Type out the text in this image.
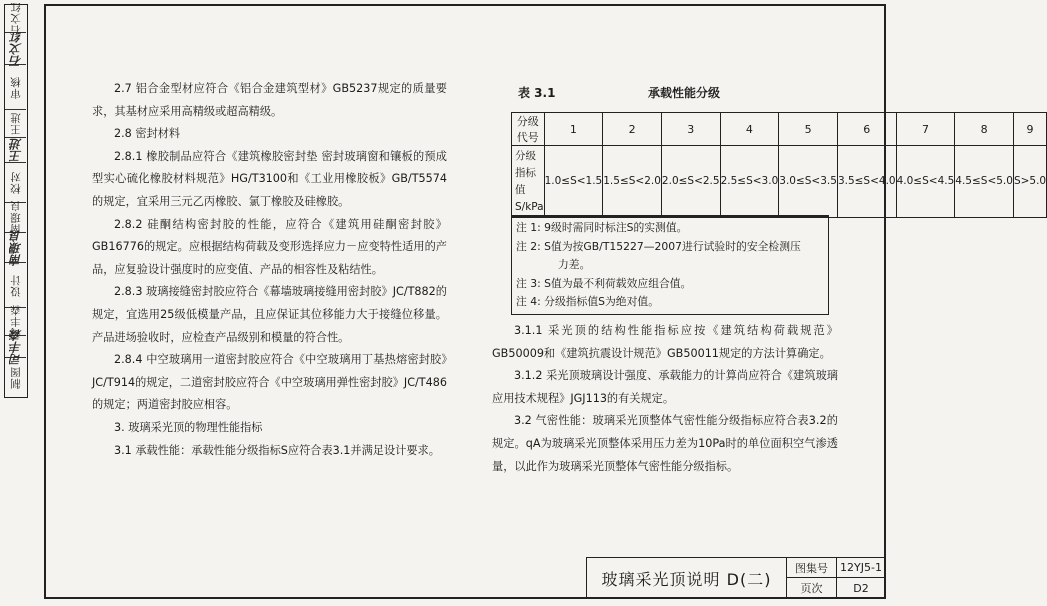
石文红
石文红
审核
王进
王进
校对
南璟良
南璟良
设计
司丰森
司丰森
制图

2.7 铝合金型材应符合《铝合金建筑型材》GB5237规定的质量要求，其基材应采用高精级或超高精级。

2.8 密封材料

2.8.1 橡胶制品应符合《建筑橡胶密封垫 密封玻璃窗和镶板的预成型实心硫化橡胶材料规范》HG/T3100和《工业用橡胶板》GB/T5574的规定，宜采用三元乙丙橡胶、氯丁橡胶及硅橡胶。

2.8.2 硅酮结构密封胶的性能，应符合《建筑用硅酮密封胶》GB16776的规定。应根据结构荷载及变形选择应力－应变特性适用的产品，应复验设计强度时的应变值、产品的相容性及粘结性。

2.8.3 玻璃接缝密封胶应符合《幕墙玻璃接缝用密封胶》JC/T882的规定，宜选用25级低模量产品，且应保证其位移能力大于接缝位移量。产品进场验收时，应检查产品级别和模量的符合性。

2.8.4 中空玻璃用一道密封胶应符合《中空玻璃用丁基热熔密封胶》JC/T914的规定，二道密封胶应符合《中空玻璃用弹性密封胶》JC/T486的规定；两道密封胶应相容。

3. 玻璃采光顶的物理性能指标

3.1 承载性能：承载性能分级指标S应符合表3.1并满足设计要求。

表 3.1	承载性能分级
分级代号	1	2	3	4	5	6	7	8	9
分级指标值S/kPa	1.0≤S<1.5	1.5≤S<2.0	2.0≤S<2.5	2.5≤S<3.0	3.0≤S<3.5	3.5≤S<4.0	4.0≤S<4.5	4.5≤S<5.0	S>5.0

注 1: 9级时需同时标注S的实测值。

注 2: S值为按GB/T15227—2007进行试验时的安全检测压

力差。

注 3: S值为最不利荷载效应组合值。

注 4: 分级指标值S为绝对值。

3.1.1 采光顶的结构性能指标应按《建筑结构荷载规范》GB50009和《建筑抗震设计规范》GB50011规定的方法计算确定。

3.1.2 采光顶玻璃设计强度、承载能力的计算尚应符合《建筑玻璃应用技术规程》JGJ113的有关规定。

3.2 气密性能：玻璃采光顶整体气密性能分级指标应符合表3.2的规定。qA为玻璃采光顶整体采用压力差为10Pa时的单位面积空气渗透量，以此作为玻璃采光顶整体气密性能分级指标。

玻璃采光顶说明 D(二)
图集号	12YJ5-1
页次	D2
